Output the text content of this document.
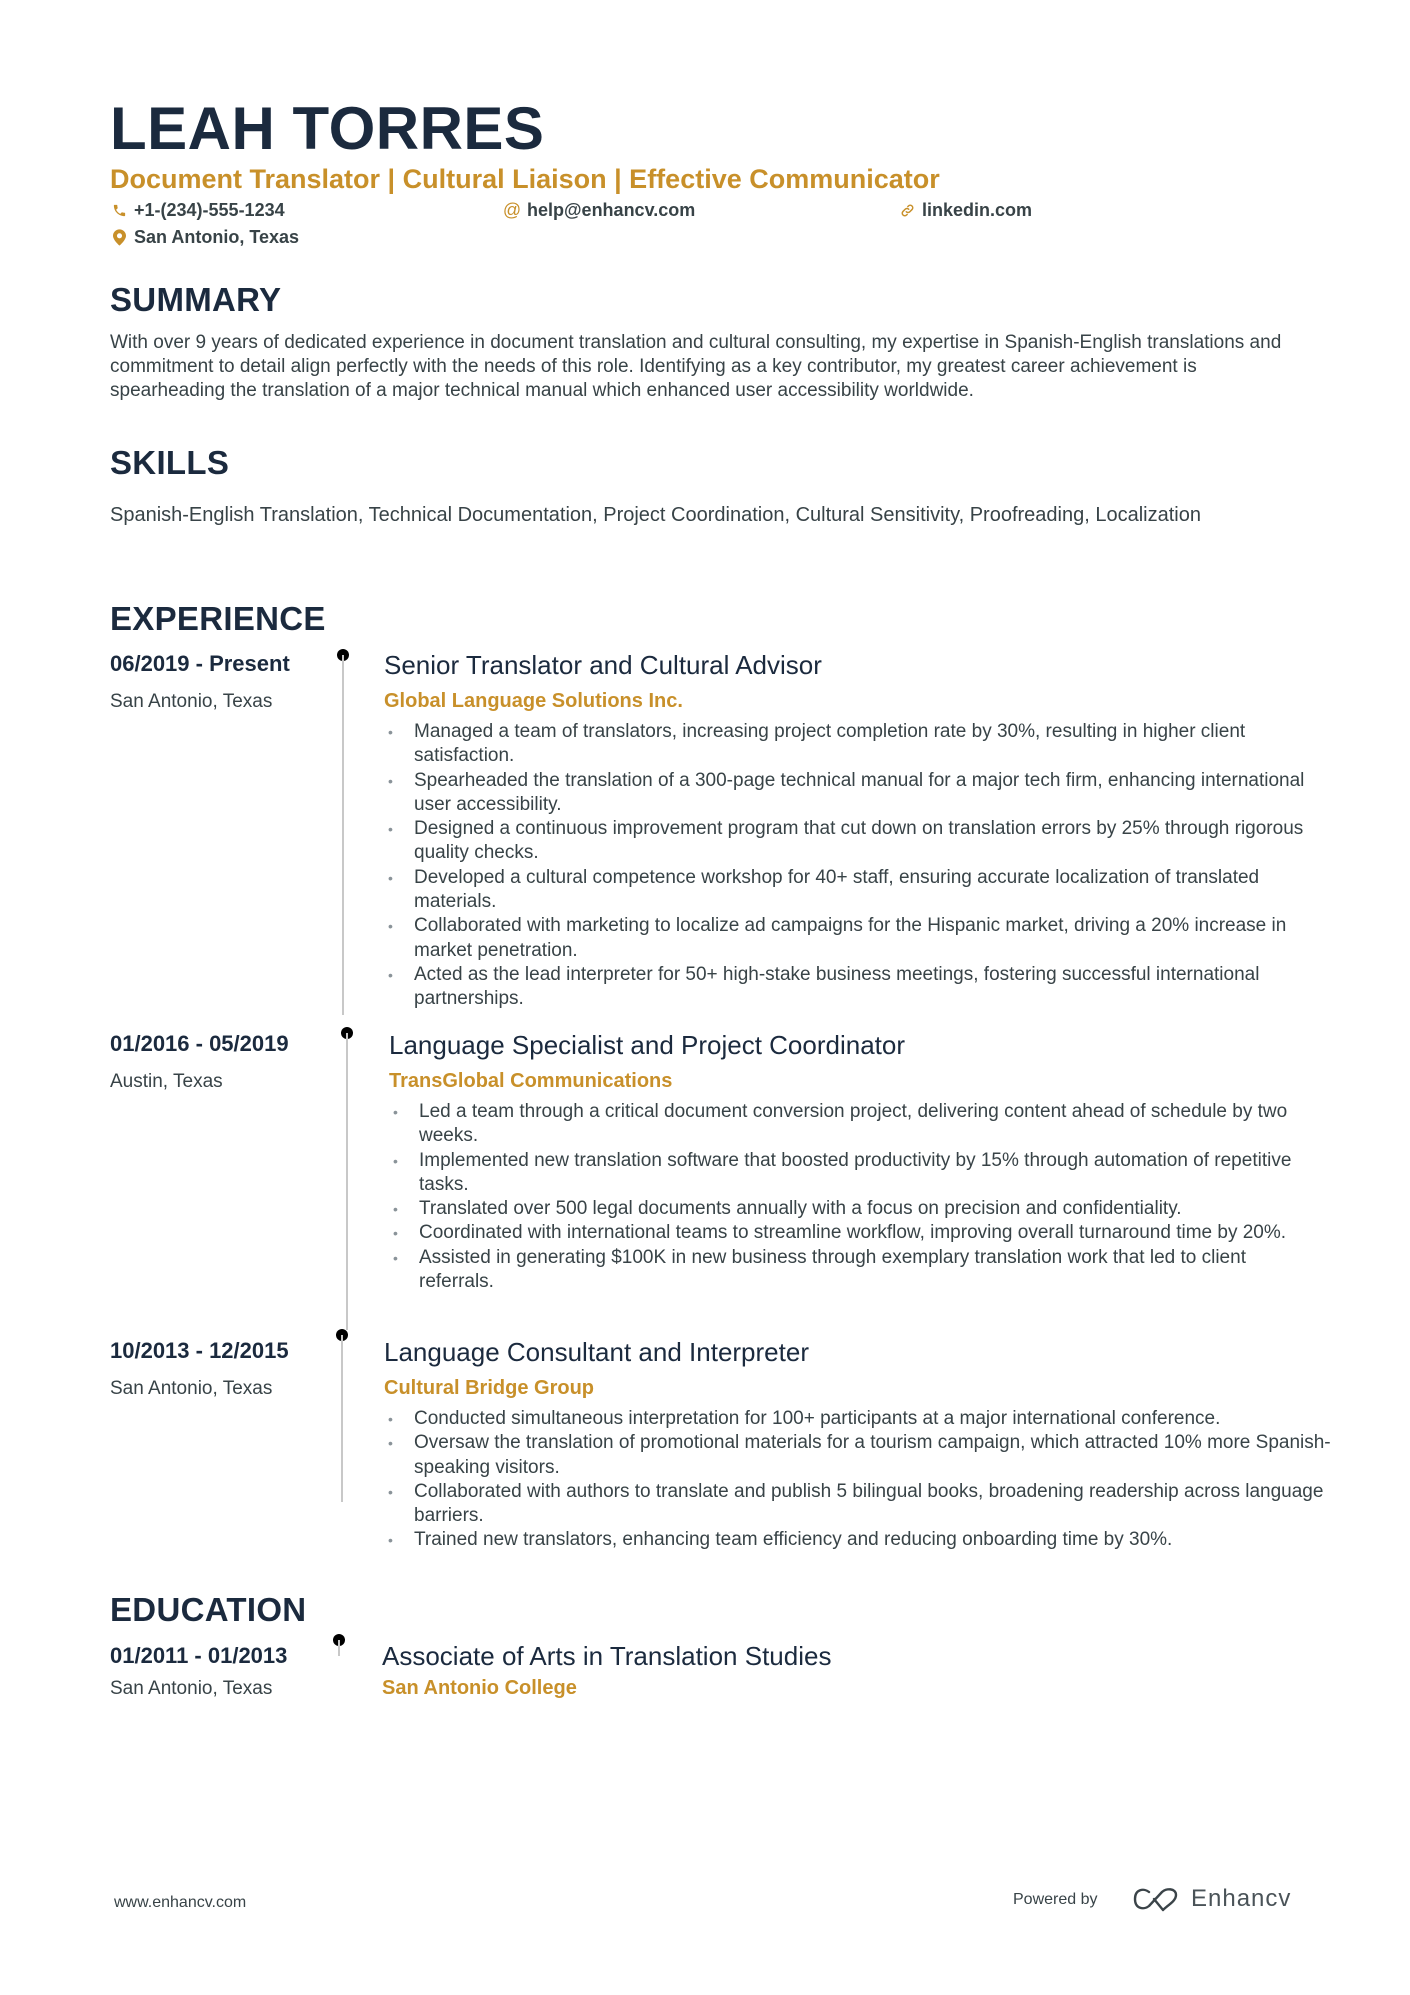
LEAH TORRES
Document Translator | Cultural Liaison | Effective Communicator
+1-(234)-555-1234	@ help@enhancv.com	linkedin.com
San Antonio, Texas
SUMMARY
With over 9 years of dedicated experience in document translation and cultural consulting, my expertise in Spanish-English translations and commitment to detail align perfectly with the needs of this role. Identifying as a key contributor, my greatest career achievement is spearheading the translation of a major technical manual which enhanced user accessibility worldwide.
SKILLS
Spanish-English Translation, Technical Documentation, Project Coordination, Cultural Sensitivity, Proofreading, Localization
EXPERIENCE
06/2019 - Present
San Antonio, Texas
Senior Translator and Cultural Advisor
Global Language Solutions Inc.
• Managed a team of translators, increasing project completion rate by 30%, resulting in higher client satisfaction.
• Spearheaded the translation of a 300-page technical manual for a major tech firm, enhancing international user accessibility.
• Designed a continuous improvement program that cut down on translation errors by 25% through rigorous quality checks.
• Developed a cultural competence workshop for 40+ staff, ensuring accurate localization of translated materials.
• Collaborated with marketing to localize ad campaigns for the Hispanic market, driving a 20% increase in market penetration.
• Acted as the lead interpreter for 50+ high-stake business meetings, fostering successful international partnerships.
01/2016 - 05/2019
Austin, Texas
Language Specialist and Project Coordinator
TransGlobal Communications
• Led a team through a critical document conversion project, delivering content ahead of schedule by two weeks.
• Implemented new translation software that boosted productivity by 15% through automation of repetitive tasks.
• Translated over 500 legal documents annually with a focus on precision and confidentiality.
• Coordinated with international teams to streamline workflow, improving overall turnaround time by 20%.
• Assisted in generating $100K in new business through exemplary translation work that led to client referrals.
10/2013 - 12/2015
San Antonio, Texas
Language Consultant and Interpreter
Cultural Bridge Group
• Conducted simultaneous interpretation for 100+ participants at a major international conference.
• Oversaw the translation of promotional materials for a tourism campaign, which attracted 10% more Spanish-speaking visitors.
• Collaborated with authors to translate and publish 5 bilingual books, broadening readership across language barriers.
• Trained new translators, enhancing team efficiency and reducing onboarding time by 30%.
EDUCATION
01/2011 - 01/2013
San Antonio, Texas
Associate of Arts in Translation Studies
San Antonio College
www.enhancv.com	Powered by	Enhancv
